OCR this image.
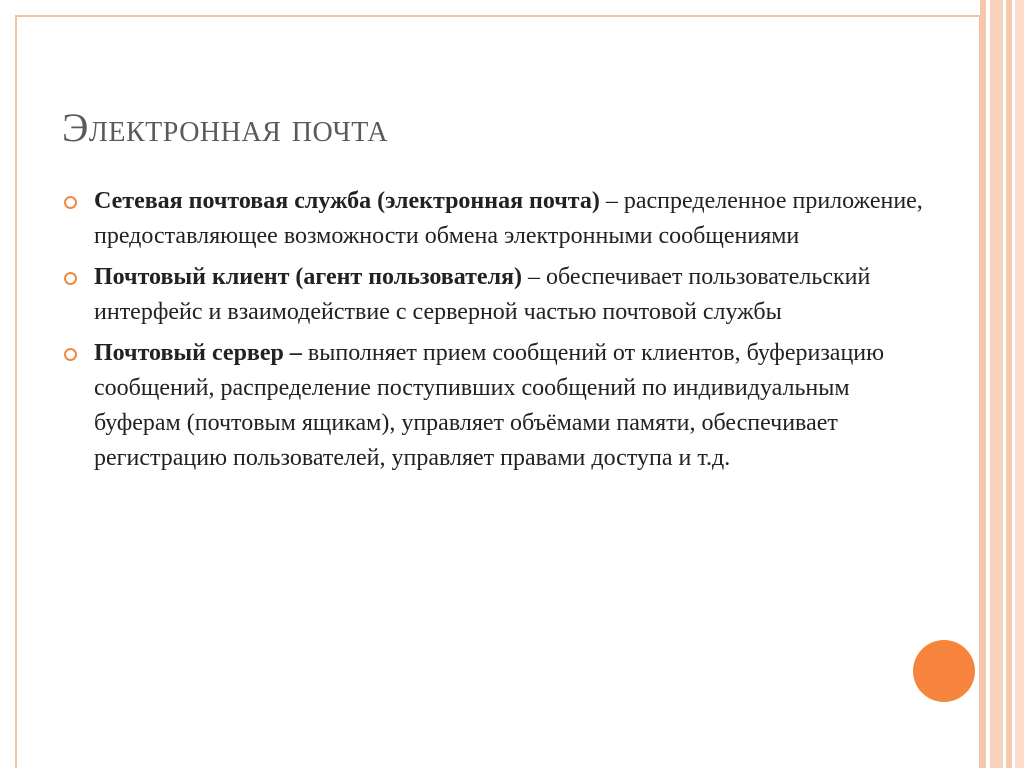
Электронная почта
Сетевая почтовая служба (электронная почта) – распределенное приложение, предоставляющее возможности обмена электронными сообщениями
Почтовый клиент (агент пользователя) – обеспечивает пользовательский интерфейс и взаимодействие с серверной частью почтовой службы
Почтовый сервер – выполняет прием сообщений от клиентов, буферизацию сообщений, распределение поступивших сообщений по индивидуальным буферам (почтовым ящикам), управляет объёмами памяти, обеспечивает регистрацию пользователей, управляет правами доступа и т.д.
